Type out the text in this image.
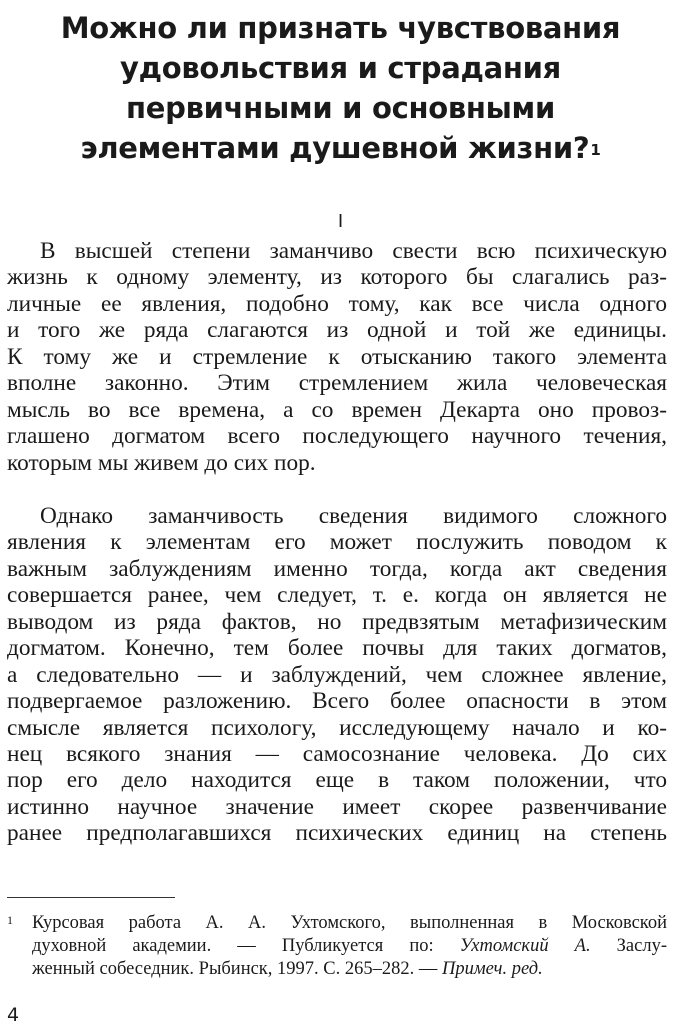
Можно ли признать чувствования
удовольствия и страдания
первичными и основными
элементами душевной жизни?$^1$
I
В высшей степени заманчиво свести всю психическую
жизнь к одному элементу, из которого бы слагались раз-
личные ее явления, подобно тому, как все числа одного
и того же ряда слагаются из одной и той же единицы.
К тому же и стремление к отысканию такого элемента
вполне законно. Этим стремлением жила человеческая
мысль во все времена, а со времен Декарта оно провоз-
глашено догматом всего последующего научного течения,
которым мы живем до сих пор.
Однако заманчивость сведения видимого сложного
явления к элементам его может послужить поводом к
важным заблуждениям именно тогда, когда акт сведения
совершается ранее, чем следует, т. е. когда он является не
выводом из ряда фактов, но предвзятым метафизическим
догматом. Конечно, тем более почвы для таких догматов,
а следовательно — и заблуждений, чем сложнее явление,
подвергаемое разложению. Всего более опасности в этом
смысле является психологу, исследующему начало и ко-
нец всякого знания — самосознание человека. До сих
пор его дело находится еще в таком положении, что
истинно научное значение имеет скорее развенчивание
ранее предполагавшихся психических единиц на степень
1	Курсовая работа А. А. Ухтомского, выполненная в Московской
духовной академии. — Публикуется по: Ухтомский А. Заслу-
женный собеседник. Рыбинск, 1997. С. 265–282. — Примеч. ред.
4
